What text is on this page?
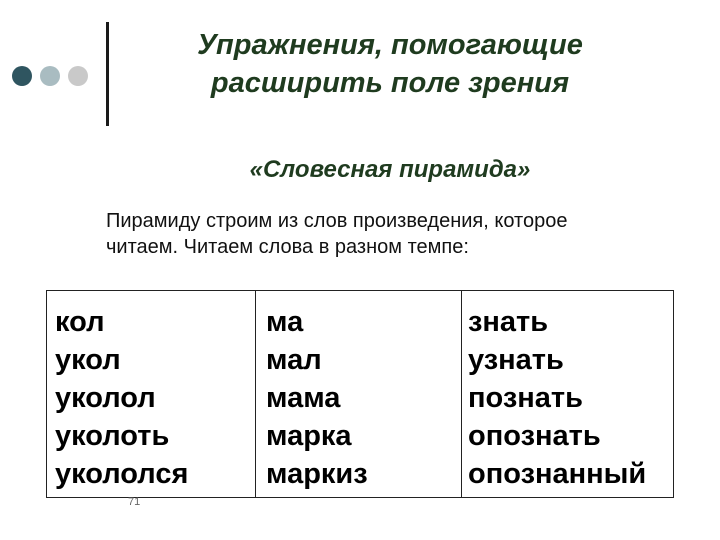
Упражнения, помогающие
расширить поле зрения
«Словесная пирамида»
Пирамиду строим из слов произведения, которое
читаем. Читаем слова в разном темпе:
кол
укол
уколол
уколоть
укололся
ма
мал
мама
марка
маркиз
знать
узнать
познать
опознать
опознанный
71
